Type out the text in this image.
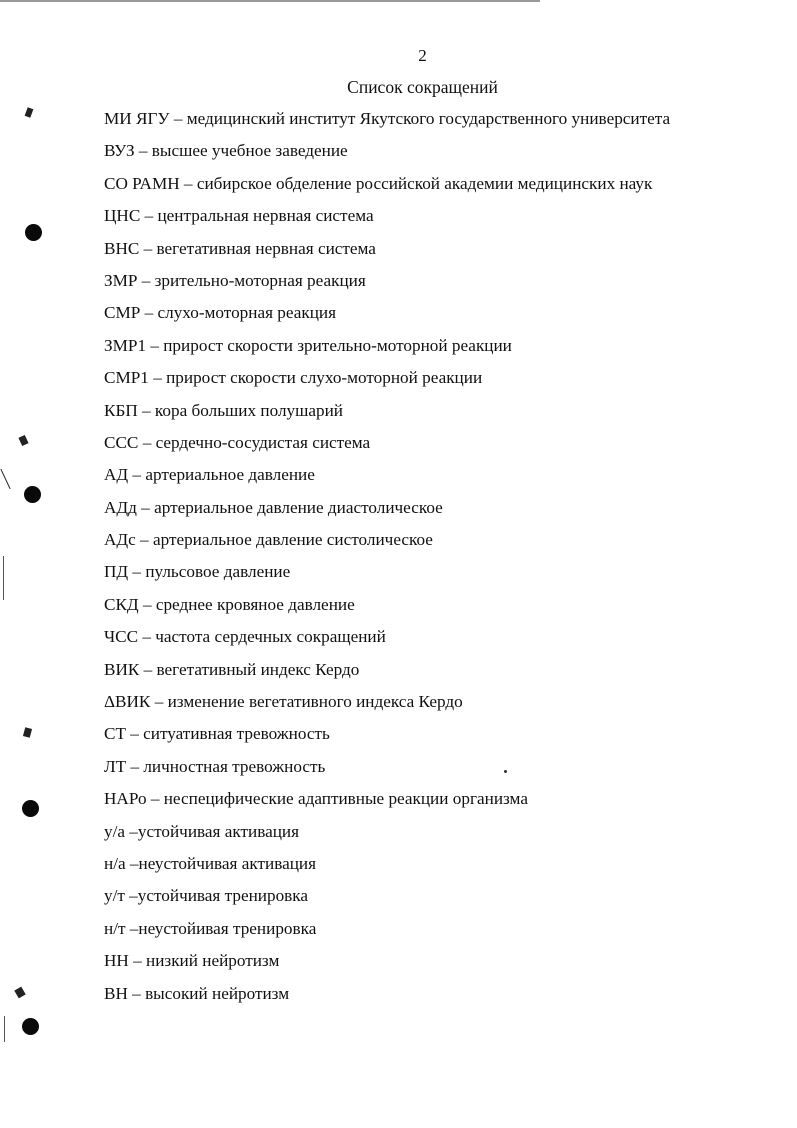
2
Список сокращений
МИ ЯГУ – медицинский институт Якутского государственного университета
ВУЗ – высшее учебное заведение
СО РАМН – сибирское обделение российской академии медицинских наук
ЦНС – центральная нервная система
ВНС – вегетативная нервная система
ЗМР – зрительно-моторная реакция
СМР – слухо-моторная реакция
ЗМР1 – прирост скорости зрительно-моторной реакции
СМР1 – прирост скорости слухо-моторной реакции
КБП – кора больших полушарий
ССС – сердечно-сосудистая система
АД – артериальное давление
АДд – артериальное давление диастолическое
АДс – артериальное давление систолическое
ПД – пульсовое давление
СКД – среднее кровяное давление
ЧСС – частота сердечных сокращений
ВИК – вегетативный индекс Кердо
ΔВИК – изменение вегетативного индекса Кердо
СТ – ситуативная тревожность
ЛТ – личностная тревожность
НАРо – неспецифические адаптивные реакции организма
у/а –устойчивая активация
н/а –неустойчивая активация
у/т –устойчивая тренировка
н/т –неустойивая тренировка
НН – низкий нейротизм
ВН – высокий нейротизм
